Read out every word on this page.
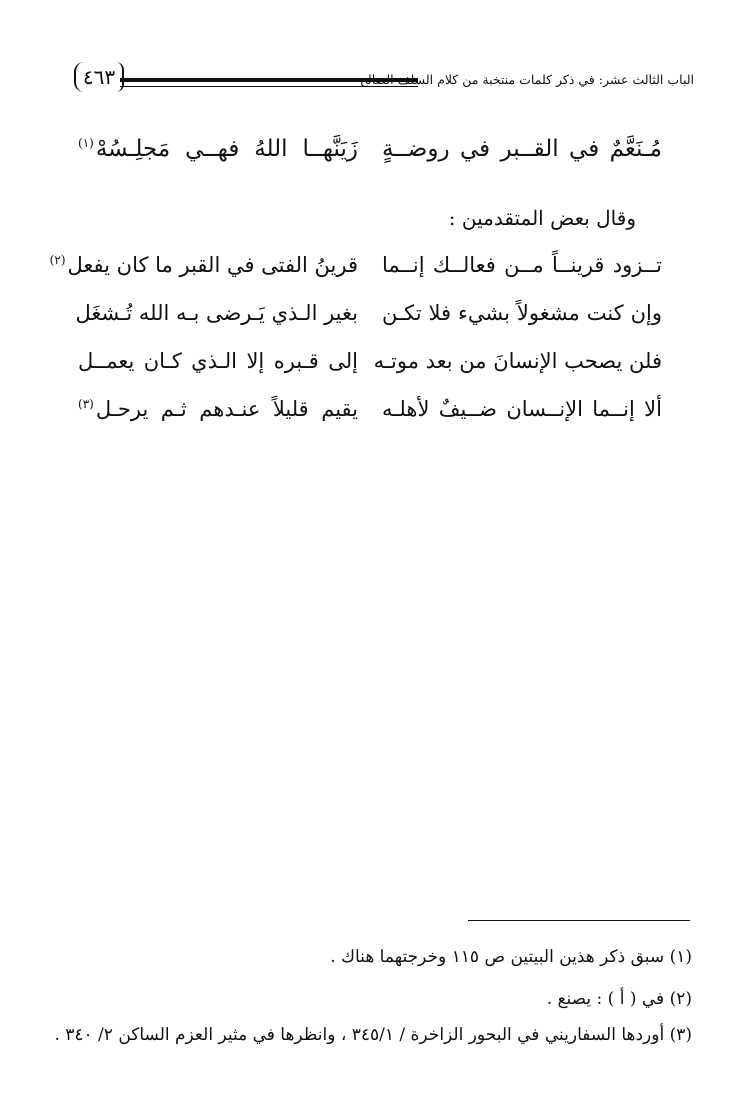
٤٦٣	الباب الثالث عشر: في ذكر كلمات منتخبة من كلام السلف الصالح
مُـنَعَّمٌ في القــبر في روضــةٍ
زَيَنَّهــا اللهُ فهــي مَجلِـسُهْ$^{(١)}$
وقال بعض المتقدمين :
تــزود قرينــاً مــن فعالــك إنــما
قرينُ الفتى في القبر ما كان يفعل$^{(٢)}$
وإن كنت مشغولاً بشيء فلا تكـن
بغير الـذي يَـرضى بـه الله تُـشغَل
فلن يصحب الإنسانَ من بعد موتـه
إلى قـبره إلا الـذي كـان يعمــل
ألا إنــما الإنــسان ضــيفٌ لأهلـه
يقيم قليلاً عنـدهم ثـم يرحـل$^{(٣)}$
(١) سبق ذكر هذين البيتين ص ١١٥ وخرجتهما هناك .
(٢) في ( أ ) : يصنع .
(٣) أوردها السفاريني في البحور الزاخرة / ٣٤٥/١ ، وانظرها في مثير العزم الساكن ٢/ ٣٤٠ .
